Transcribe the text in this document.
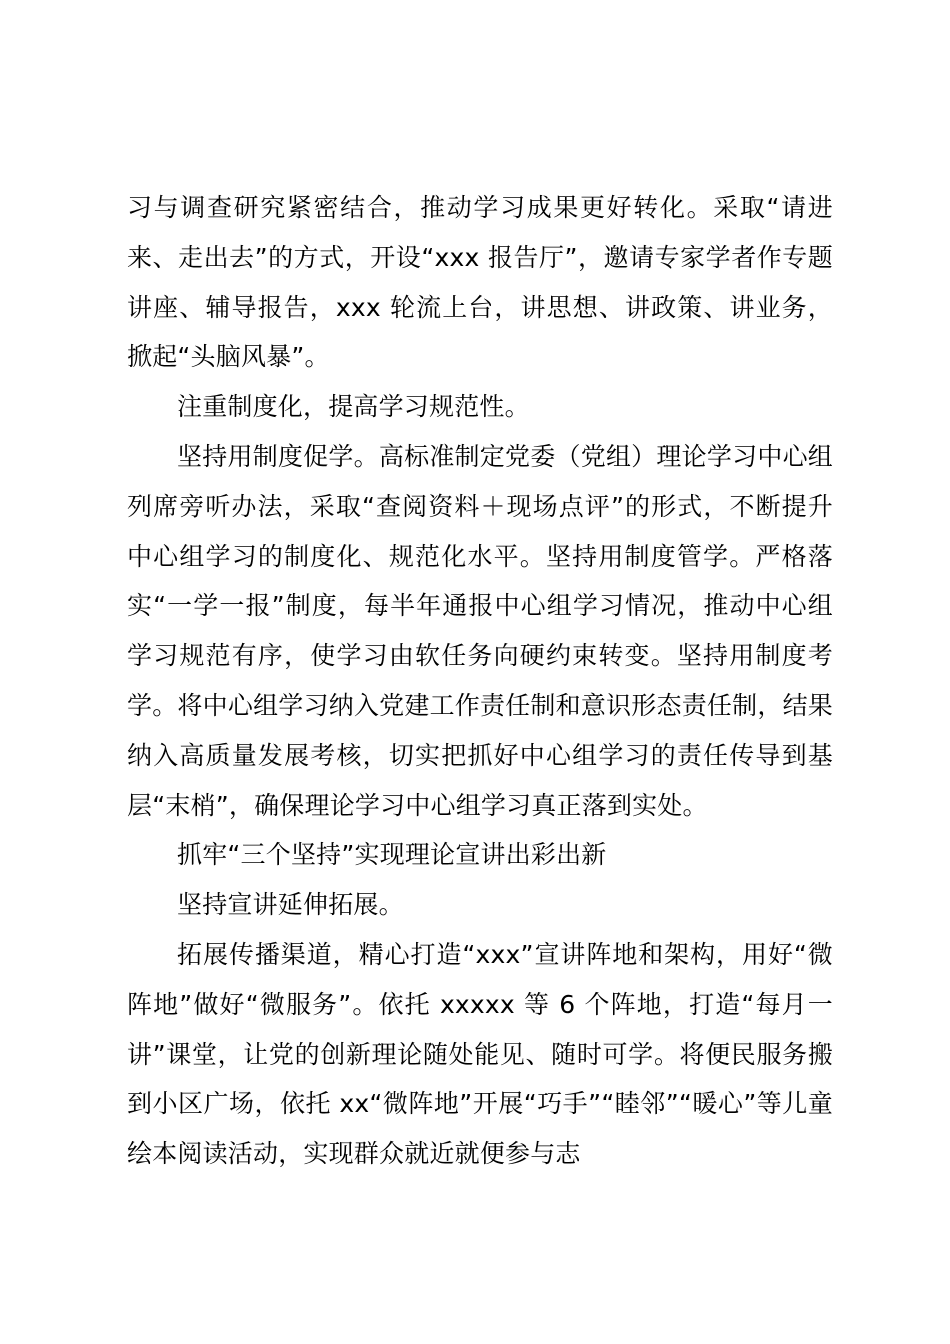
习与调查研究紧密结合，推动学习成果更好转化。采取“请进来、走出去”的方式，开设“xxx 报告厅”，邀请专家学者作专题讲座、辅导报告，xxx 轮流上台，讲思想、讲政策、讲业务，掀起“头脑风暴”。

注重制度化，提高学习规范性。

坚持用制度促学。高标准制定党委（党组）理论学习中心组列席旁听办法，采取“查阅资料＋现场点评”的形式，不断提升中心组学习的制度化、规范化水平。坚持用制度管学。严格落实“一学一报”制度，每半年通报中心组学习情况，推动中心组学习规范有序，使学习由软任务向硬约束转变。坚持用制度考学。将中心组学习纳入党建工作责任制和意识形态责任制，结果纳入高质量发展考核，切实把抓好中心组学习的责任传导到基层“末梢”，确保理论学习中心组学习真正落到实处。

抓牢“三个坚持”实现理论宣讲出彩出新

坚持宣讲延伸拓展。

拓展传播渠道，精心打造“xxx”宣讲阵地和架构，用好“微阵地”做好“微服务”。依托 xxxxx 等 6 个阵地，打造“每月一讲”课堂，让党的创新理论随处能见、随时可学。将便民服务搬到小区广场，依托 xx“微阵地”开展“巧手”“睦邻”“暖心”等儿童绘本阅读活动，实现群众就近就便参与志
